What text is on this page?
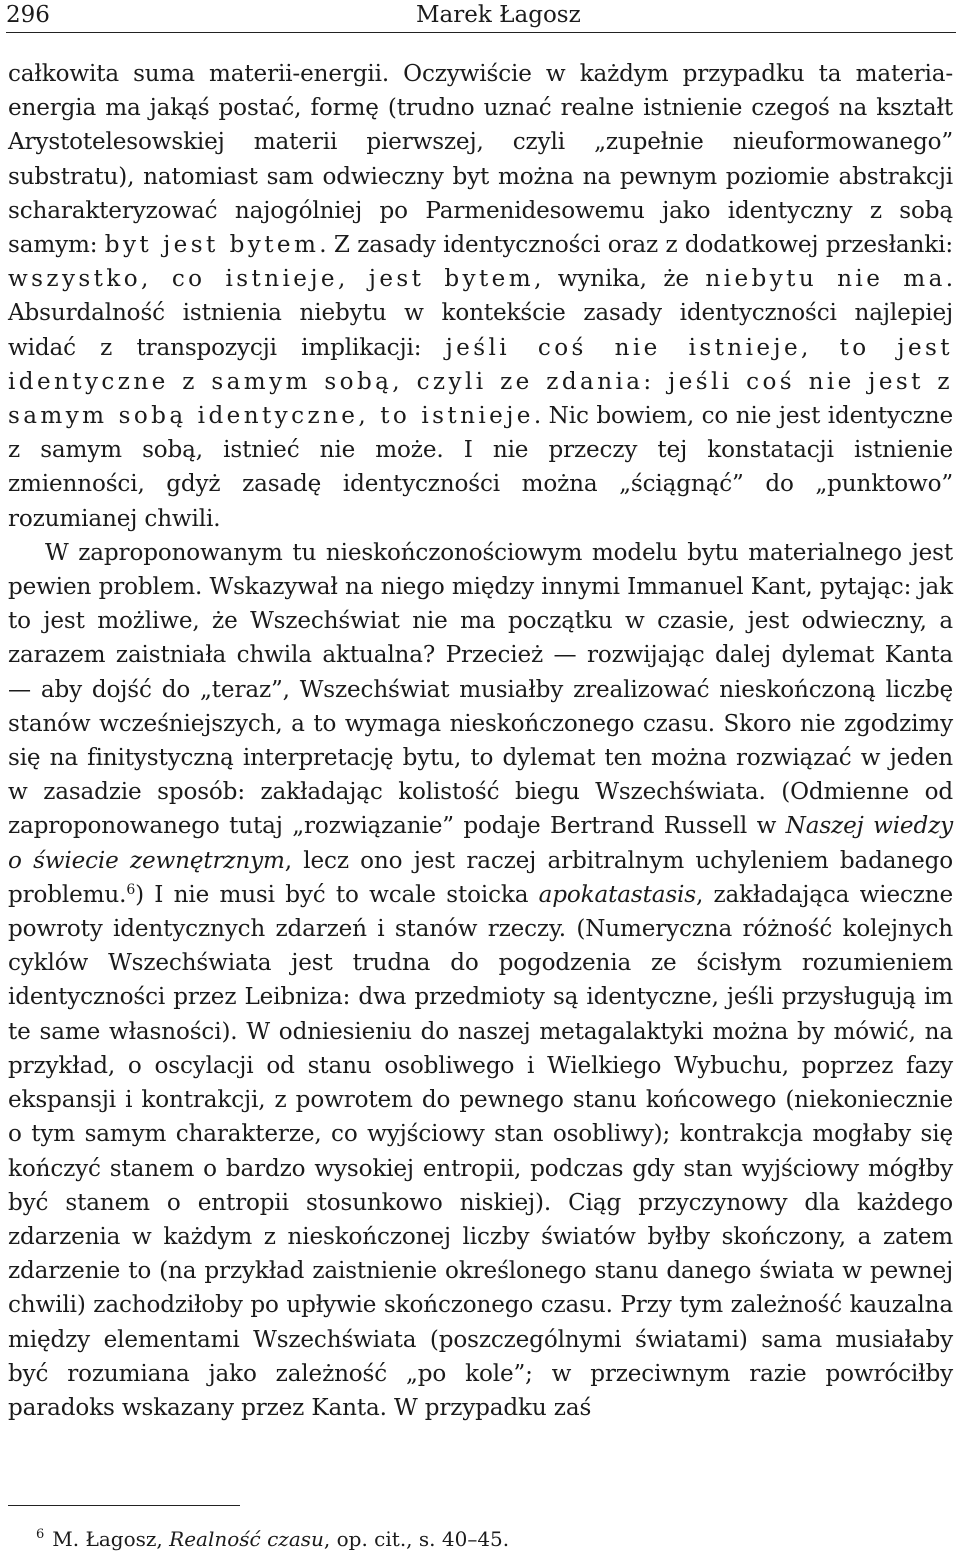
296	Marek Łagosz

całkowita suma materii-energii. Oczywiście w każdym przypadku ta materia-energia ma jakąś postać, formę (trudno uznać realne istnienie czegoś na kształt Arystotelesowskiej materii pierwszej, czyli „zupełnie nieuformowanego” substratu), natomiast sam odwieczny byt można na pewnym poziomie abstrakcji scharakteryzować najogólniej po Parmenidesowemu jako identyczny z sobą samym: byt jest bytem. Z zasady identyczności oraz z dodatkowej przesłanki: wszystko, co istnieje, jest bytem, wynika, że niebytu nie ma. Absurdalność istnienia niebytu w kontekście zasady identyczności najlepiej widać z transpozycji implikacji: jeśli coś nie istnieje, to jest identyczne z samym sobą, czyli ze zdania: jeśli coś nie jest z samym sobą identyczne, to istnieje. Nic bowiem, co nie jest identyczne z samym sobą, istnieć nie może. I nie przeczy tej konstatacji istnienie zmienności, gdyż zasadę identyczności można „ściągnąć” do „punktowo” rozumianej chwili.

W zaproponowanym tu nieskończonościowym modelu bytu materialnego jest pewien problem. Wskazywał na niego między innymi Immanuel Kant, pytając: jak to jest możliwe, że Wszechświat nie ma początku w czasie, jest odwieczny, a zarazem zaistniała chwila aktualna? Przecież — rozwijając dalej dylemat Kanta — aby dojść do „teraz”, Wszechświat musiałby zrealizować nieskończoną liczbę stanów wcześniejszych, a to wymaga nieskończonego czasu. Skoro nie zgodzimy się na finitystyczną interpretację bytu, to dylemat ten można rozwiązać w jeden w zasadzie sposób: zakładając kolistość biegu Wszechświata. (Odmienne od zaproponowanego tutaj „rozwiązanie” podaje Bertrand Russell w Naszej wiedzy o świecie zewnętrznym, lecz ono jest raczej arbitralnym uchyleniem badanego problemu.$^6$) I nie musi być to wcale stoicka apokatastasis, zakładająca wieczne powroty identycznych zdarzeń i stanów rzeczy. (Numeryczna różność kolejnych cyklów Wszechświata jest trudna do pogodzenia ze ścisłym rozumieniem identyczności przez Leibniza: dwa przedmioty są identyczne, jeśli przysługują im te same własności). W odniesieniu do naszej metagalaktyki można by mówić, na przykład, o oscylacji od stanu osobliwego i Wielkiego Wybuchu, poprzez fazy ekspansji i kontrakcji, z powrotem do pewnego stanu końcowego (niekoniecznie o tym samym charakterze, co wyjściowy stan osobliwy); kontrakcja mogłaby się kończyć stanem o bardzo wysokiej entropii, podczas gdy stan wyjściowy mógłby być stanem o entropii stosunkowo niskiej). Ciąg przyczynowy dla każdego zdarzenia w każdym z nieskończonej liczby światów byłby skończony, a zatem zdarzenie to (na przykład zaistnienie określonego stanu danego świata w pewnej chwili) zachodziłoby po upływie skończonego czasu. Przy tym zależność kauzalna między elementami Wszechświata (poszczególnymi światami) sama musiałaby być rozumiana jako zależność „po kole”; w przeciwnym razie powróciłby paradoks wskazany przez Kanta. W przypadku zaś

$^6$ M. Łagosz, Realność czasu, op. cit., s. 40–45.
